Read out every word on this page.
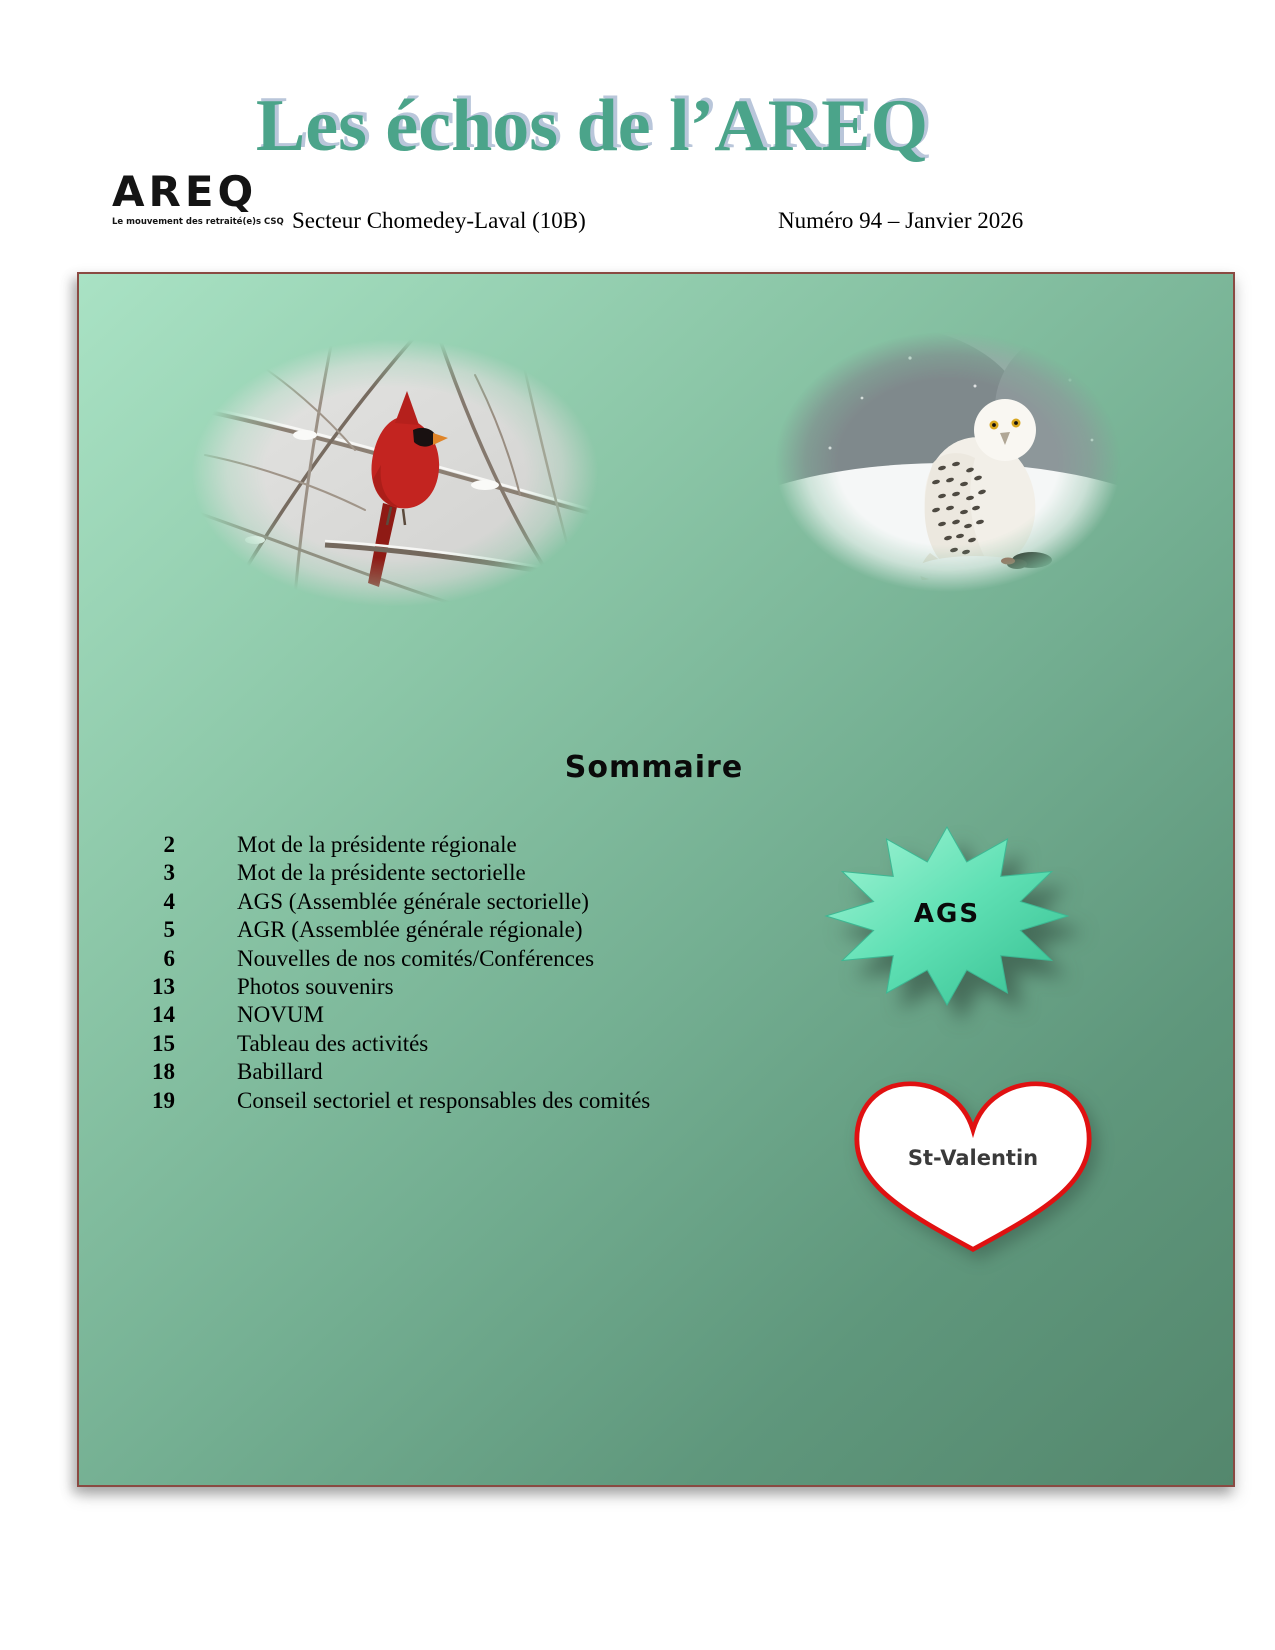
Les échos de l’AREQ
AREQ
Le mouvement des retraité(e)s CSQ Secteur Chomedey-Laval (10B)	Numéro 94 – Janvier 2026
Sommaire
2	Mot de la présidente régionale
3	Mot de la présidente sectorielle
4	AGS (Assemblée générale sectorielle)
5	AGR (Assemblée générale régionale)
6	Nouvelles de nos comités/Conférences
13	Photos souvenirs
14	NOVUM
15	Tableau des activités
18	Babillard
19	Conseil sectoriel et responsables des comités
AGS
St-Valentin
